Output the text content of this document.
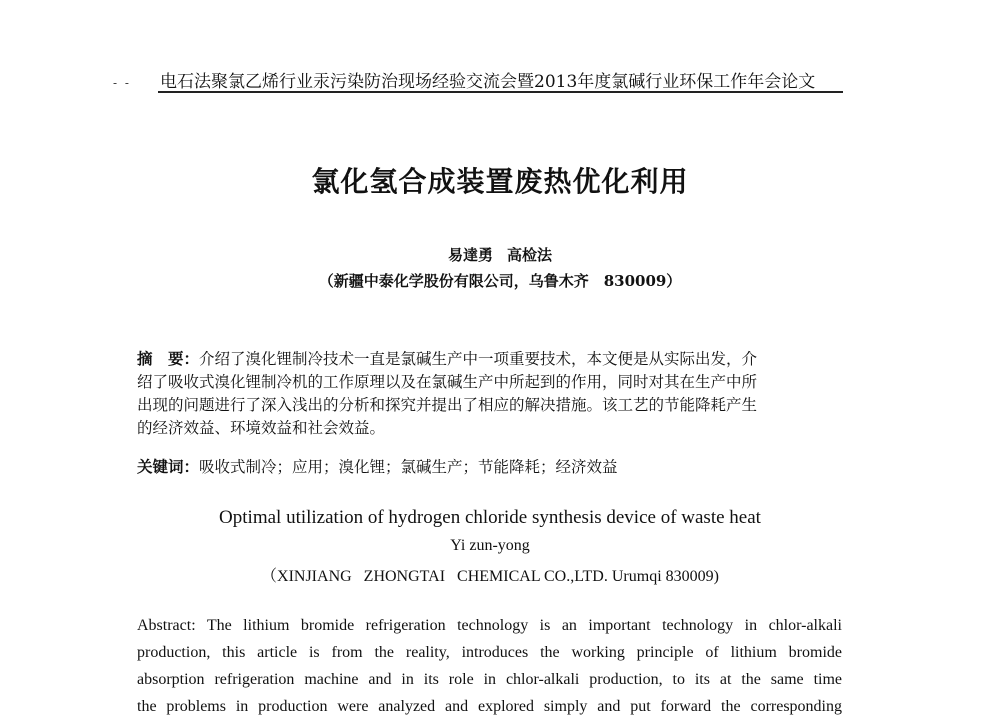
- - 电石法聚氯乙烯行业汞污染防治现场经验交流会暨2013年度氯碱行业环保工作年会论文
氯化氢合成装置废热优化利用
易達勇 高检法
（新疆中泰化学股份有限公司，乌鲁木齐　830009）
摘　要：介绍了溴化锂制冷技术一直是氯碱生产中一项重要技术，本文便是从实际出发，介
绍了吸收式溴化锂制冷机的工作原理以及在氯碱生产中所起到的作用，同时对其在生产中所
出现的问题进行了深入浅出的分析和探究并提出了相应的解决措施。该工艺的节能降耗产生
的经济效益、环境效益和社会效益。
关键词：吸收式制冷；应用；溴化锂；氯碱生产；节能降耗；经济效益
Optimal utilization of hydrogen chloride synthesis device of waste heat
Yi zun-yong
（XINJIANG   ZHONGTAI   CHEMICAL CO.,LTD. Urumqi 830009)
Abstract: The lithium bromide refrigeration technology is an important technology in chlor-alkali
production, this article is from the reality, introduces the working principle of lithium bromide
absorption refrigeration machine and in its role in chlor-alkali production, to its at the same time
the problems in production were analyzed and explored simply and put forward the corresponding
